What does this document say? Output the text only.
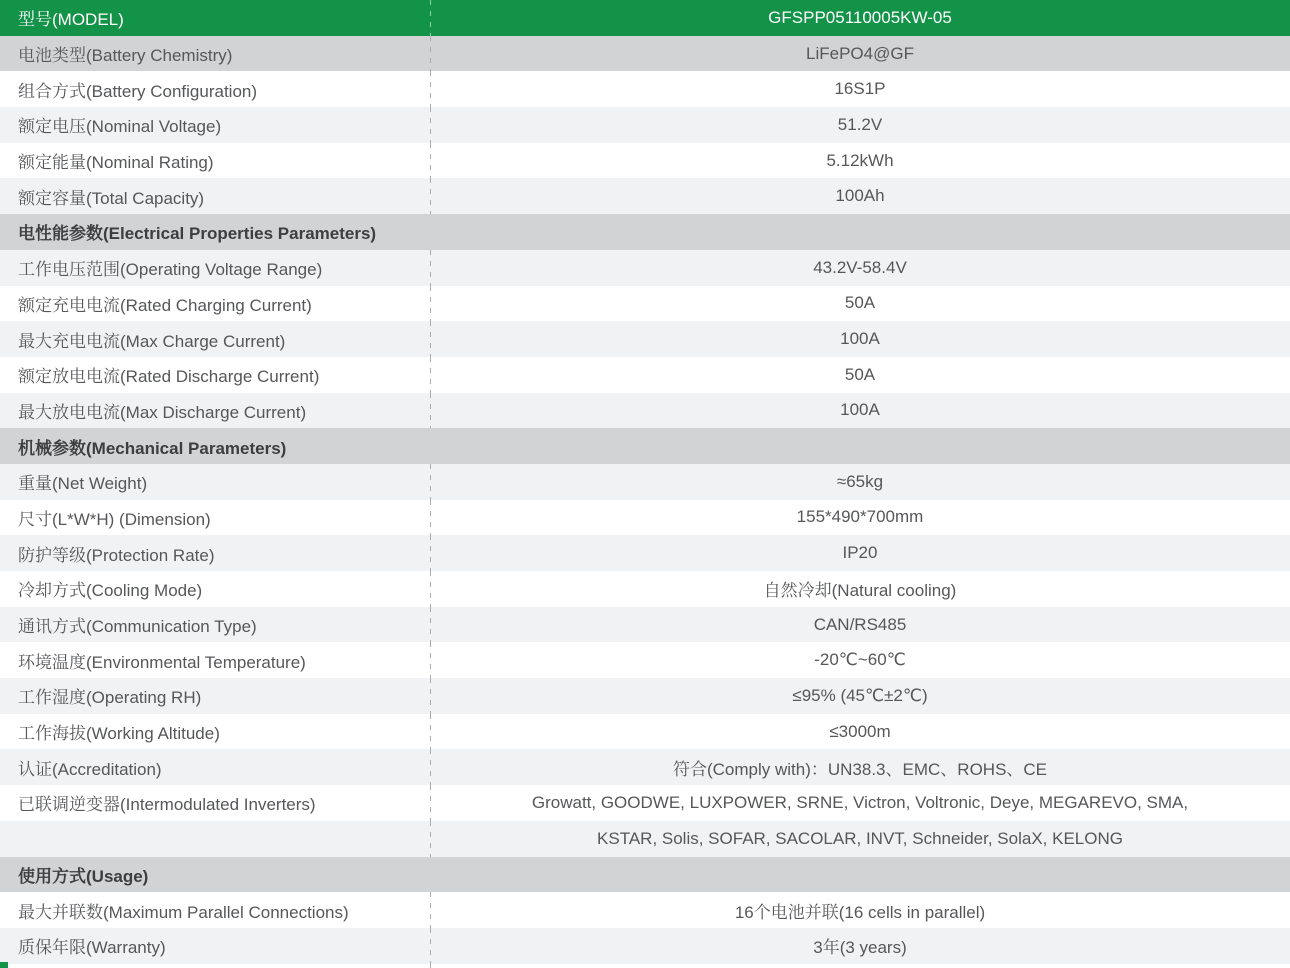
型号(MODEL)	GFSPP05110005KW-05
电池类型(Battery Chemistry)	LiFePO4@GF
组合方式(Battery Configuration)	16S1P
额定电压(Nominal Voltage)	51.2V
额定能量(Nominal Rating)	5.12kWh
额定容量(Total Capacity)	100Ah
电性能参数(Electrical Properties Parameters)
工作电压范围(Operating Voltage Range)	43.2V-58.4V
额定充电电流(Rated Charging Current)	50A
最大充电电流(Max Charge Current)	100A
额定放电电流(Rated Discharge Current)	50A
最大放电电流(Max Discharge Current)	100A
机械参数(Mechanical Parameters)
重量(Net Weight)	≈65kg
尺寸(L*W*H) (Dimension)	155*490*700mm
防护等级(Protection Rate)	IP20
冷却方式(Cooling Mode)	自然冷却(Natural cooling)
通讯方式(Communication Type)	CAN/RS485
环境温度(Environmental Temperature)	-20℃~60℃
工作湿度(Operating RH)	≤95% (45℃±2℃)
工作海拔(Working Altitude)	≤3000m
认证(Accreditation)	符合(Comply with)：UN38.3、EMC、ROHS、CE
已联调逆变器(Intermodulated Inverters)	Growatt, GOODWE, LUXPOWER, SRNE, Victron, Voltronic, Deye, MEGAREVO, SMA,
KSTAR, Solis, SOFAR, SACOLAR, INVT, Schneider, SolaX, KELONG
使用方式(Usage)
最大并联数(Maximum Parallel Connections)	16个电池并联(16 cells in parallel)
质保年限(Warranty)	3年(3 years)
